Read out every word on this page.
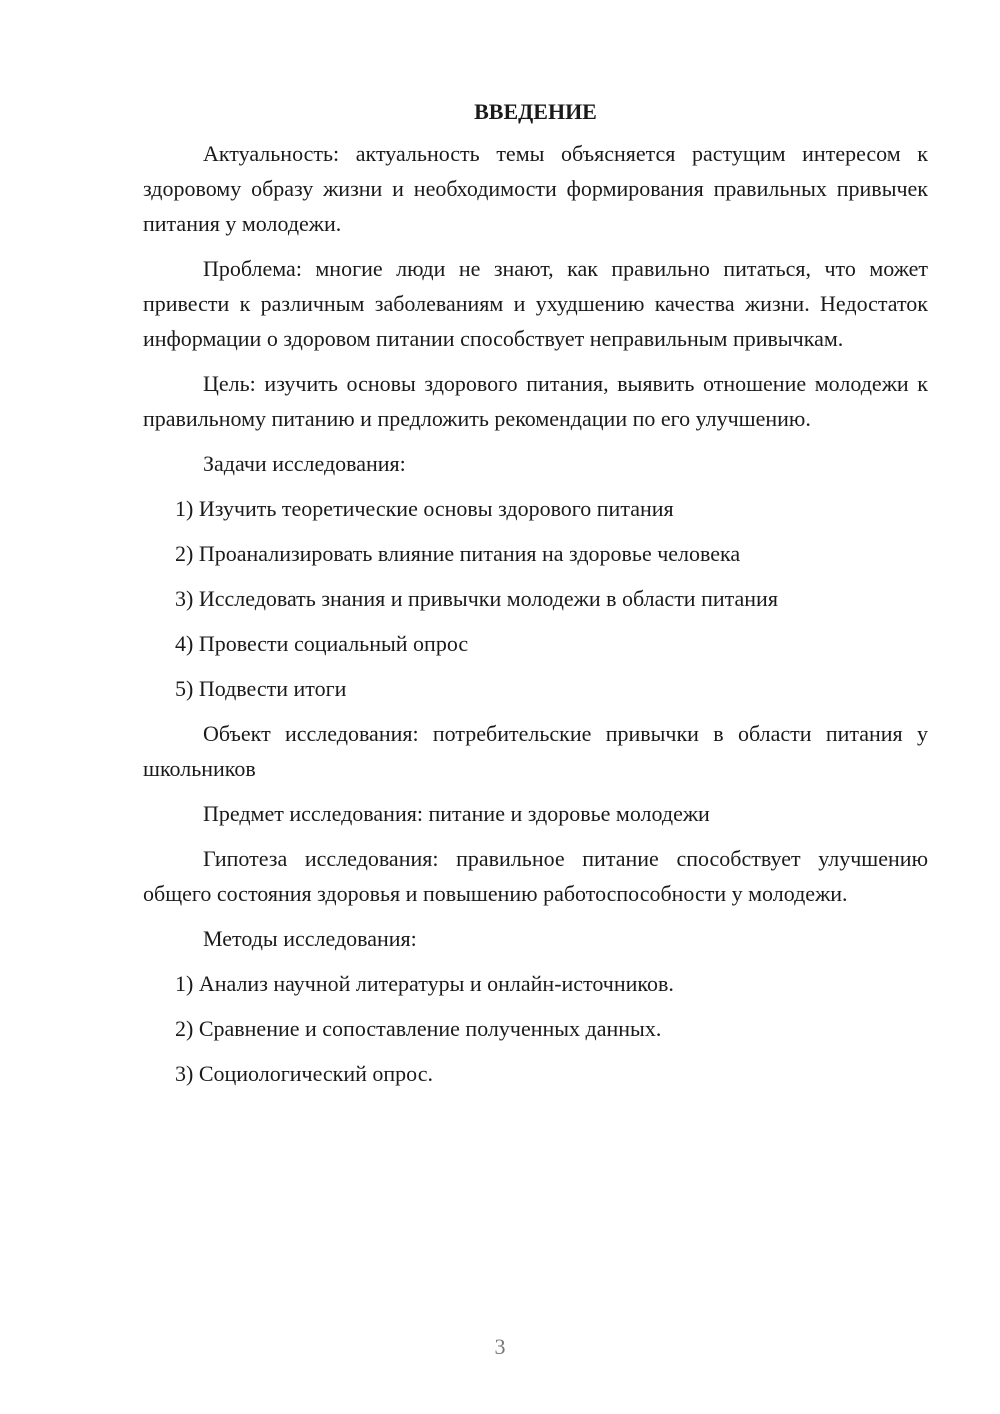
ВВЕДЕНИЕ

Актуальность: актуальность темы объясняется растущим интересом к здоровому образу жизни и необходимости формирования правильных привычек питания у молодежи.

Проблема: многие люди не знают, как правильно питаться, что может привести к различным заболеваниям и ухудшению качества жизни. Недостаток информации о здоровом питании способствует неправильным привычкам.

Цель: изучить основы здорового питания, выявить отношение молодежи к правильному питанию и предложить рекомендации по его улучшению.

Задачи исследования:
1) Изучить теоретические основы здорового питания
2) Проанализировать влияние питания на здоровье человека
3) Исследовать знания и привычки молодежи в области питания
4) Провести социальный опрос
5) Подвести итоги

Объект исследования: потребительские привычки в области питания у школьников

Предмет исследования: питание и здоровье молодежи

Гипотеза исследования: правильное питание способствует улучшению общего состояния здоровья и повышению работоспособности у молодежи.

Методы исследования:
1) Анализ научной литературы и онлайн-источников.
2) Сравнение и сопоставление полученных данных.
3) Социологический опрос.
3
